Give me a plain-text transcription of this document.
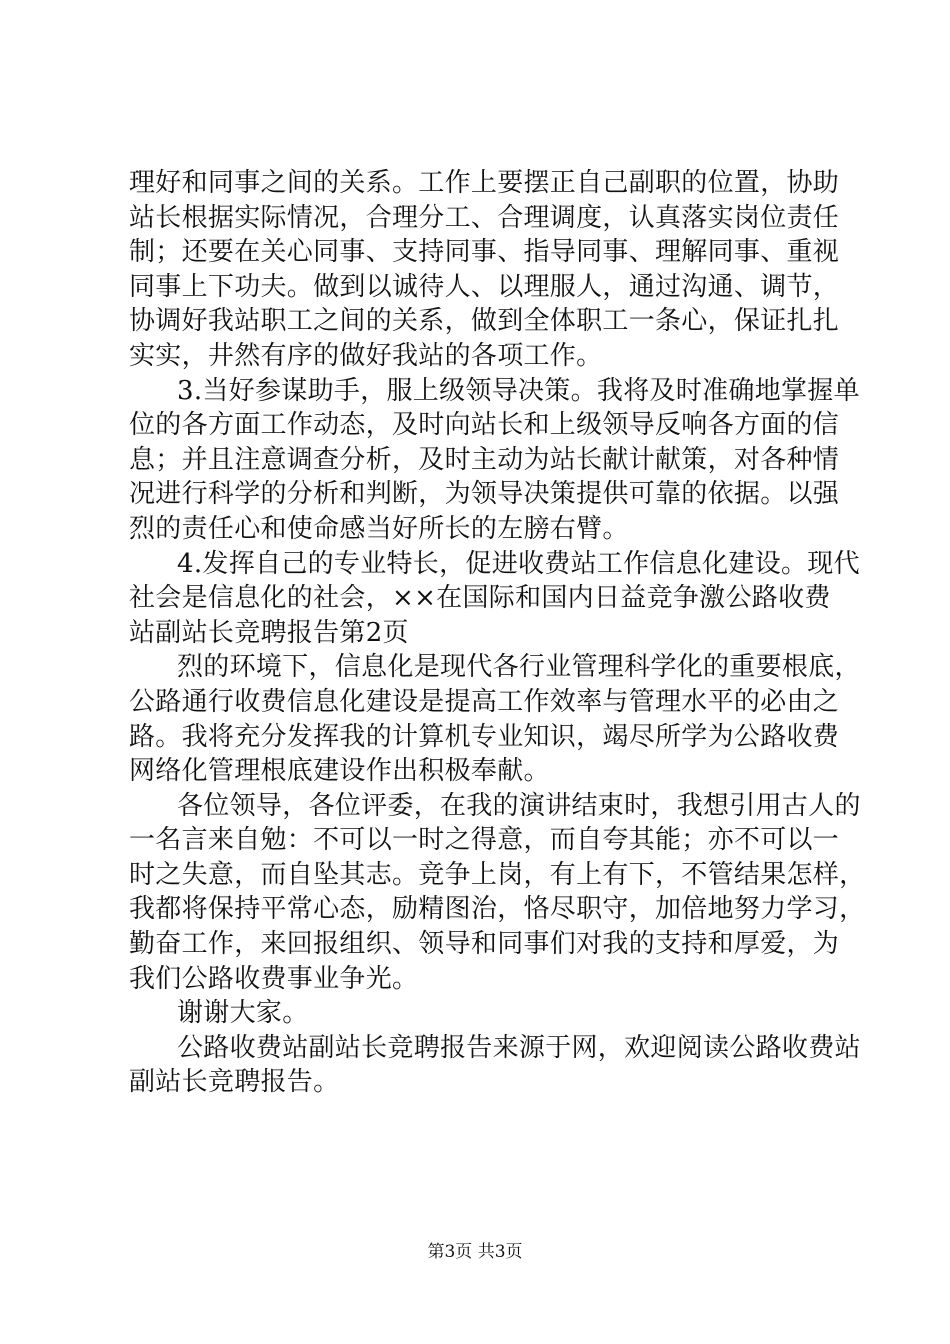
理好和同事之间的关系。工作上要摆正自己副职的位置，协助
站长根据实际情况，合理分工、合理调度，认真落实岗位责任
制；还要在关心同事、支持同事、指导同事、理解同事、重视
同事上下功夫。做到以诚待人、以理服人，通过沟通、调节，
协调好我站职工之间的关系，做到全体职工一条心，保证扎扎
实实，井然有序的做好我站的各项工作。
3.当好参谋助手，服上级领导决策。我将及时准确地掌握单
位的各方面工作动态，及时向站长和上级领导反响各方面的信
息；并且注意调查分析，及时主动为站长献计献策，对各种情
况进行科学的分析和判断，为领导决策提供可靠的依据。以强
烈的责任心和使命感当好所长的左膀右臂。
4.发挥自己的专业特长，促进收费站工作信息化建设。现代
社会是信息化的社会，××在国际和国内日益竞争激公路收费
站副站长竞聘报告第2页
烈的环境下，信息化是现代各行业管理科学化的重要根底，
公路通行收费信息化建设是提高工作效率与管理水平的必由之
路。我将充分发挥我的计算机专业知识，竭尽所学为公路收费
网络化管理根底建设作出积极奉献。
各位领导，各位评委，在我的演讲结束时，我想引用古人的
一名言来自勉：不可以一时之得意，而自夸其能；亦不可以一
时之失意，而自坠其志。竞争上岗，有上有下，不管结果怎样，
我都将保持平常心态，励精图治，恪尽职守，加倍地努力学习，
勤奋工作，来回报组织、领导和同事们对我的支持和厚爱，为
我们公路收费事业争光。
谢谢大家。
公路收费站副站长竞聘报告来源于网，欢迎阅读公路收费站
副站长竞聘报告。
第3页 共3页
